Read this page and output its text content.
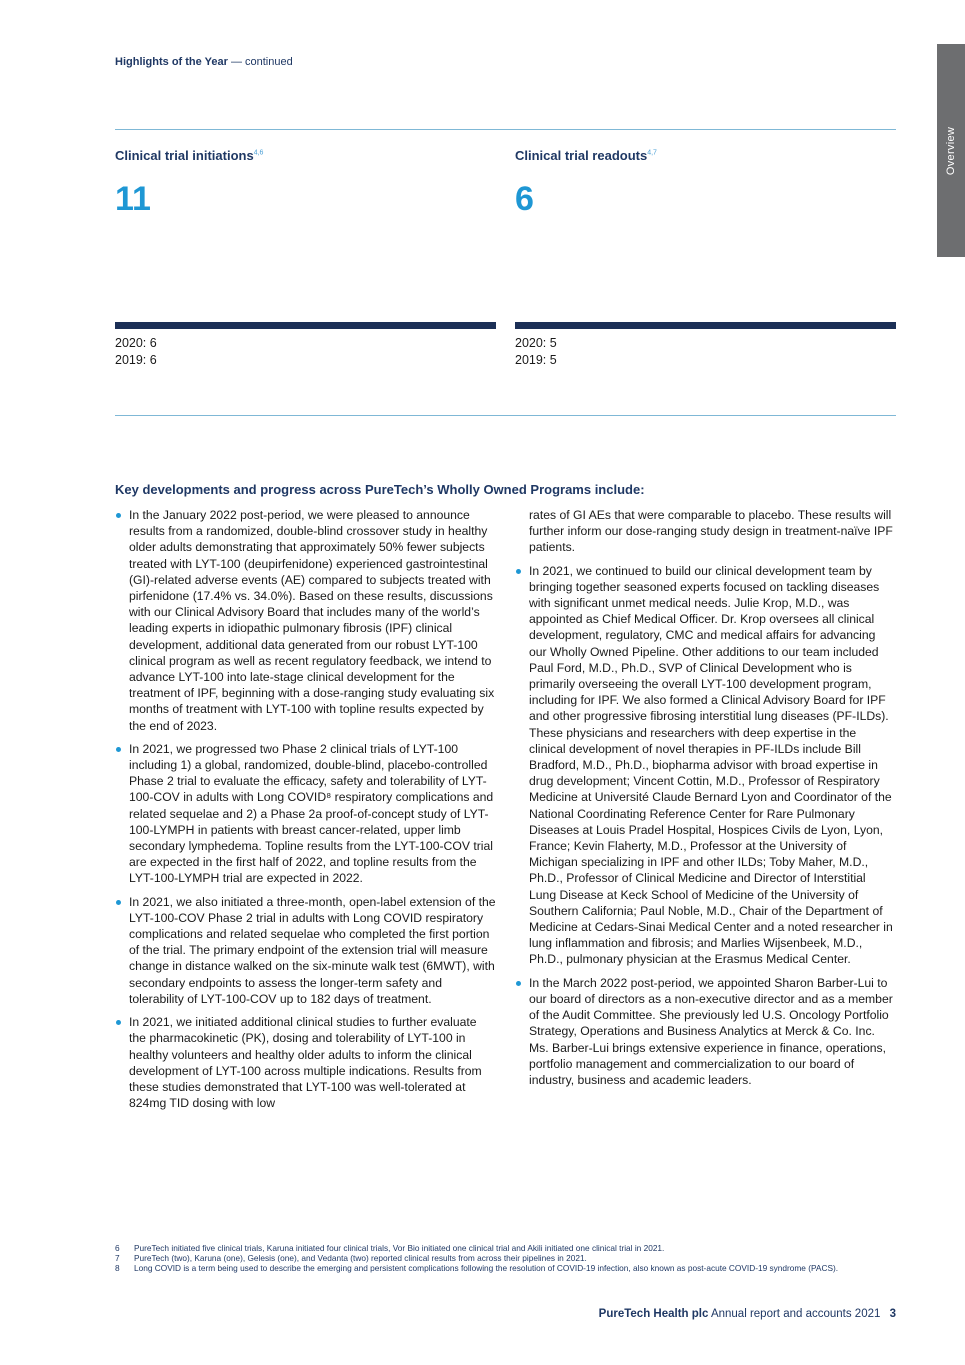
Highlights of the Year — continued
Overview
Clinical trial initiations$^{4,6}$
11
2020: 6
2019: 6
Clinical trial readouts$^{4,7}$
6
2020: 5
2019: 5
Key developments and progress across PureTech’s Wholly Owned Programs include:
In the January 2022 post-period, we were pleased to announce results from a randomized, double-blind crossover study in healthy older adults demonstrating that approximately 50% fewer subjects treated with LYT-100 (deupirfenidone) experienced gastrointestinal (GI)-related adverse events (AE) compared to subjects treated with pirfenidone (17.4% vs. 34.0%). Based on these results, discussions with our Clinical Advisory Board that includes many of the world’s leading experts in idiopathic pulmonary fibrosis (IPF) clinical development, additional data generated from our robust LYT-100 clinical program as well as recent regulatory feedback, we intend to advance LYT-100 into late-stage clinical development for the treatment of IPF, beginning with a dose-ranging study evaluating six months of treatment with LYT-100 with topline results expected by the end of 2023.
In 2021, we progressed two Phase 2 clinical trials of LYT-100 including 1) a global, randomized, double-blind, placebo-controlled Phase 2 trial to evaluate the efficacy, safety and tolerability of LYT-100-COV in adults with Long COVID⁸ respiratory complications and related sequelae and 2) a Phase 2a proof-of-concept study of LYT-100-LYMPH in patients with breast cancer-related, upper limb secondary lymphedema. Topline results from the LYT-100-COV trial are expected in the first half of 2022, and topline results from the LYT-100-LYMPH trial are expected in 2022.
In 2021, we also initiated a three-month, open-label extension of the LYT-100-COV Phase 2 trial in adults with Long COVID respiratory complications and related sequelae who completed the first portion of the trial. The primary endpoint of the extension trial will measure change in distance walked on the six-minute walk test (6MWT), with secondary endpoints to assess the longer-term safety and tolerability of LYT-100-COV up to 182 days of treatment.
In 2021, we initiated additional clinical studies to further evaluate the pharmacokinetic (PK), dosing and tolerability of LYT-100 in healthy volunteers and healthy older adults to inform the clinical development of LYT-100 across multiple indications. Results from these studies demonstrated that LYT-100 was well-tolerated at 824mg TID dosing with low
rates of GI AEs that were comparable to placebo. These results will further inform our dose-ranging study design in treatment-naïve IPF patients.
In 2021, we continued to build our clinical development team by bringing together seasoned experts focused on tackling diseases with significant unmet medical needs. Julie Krop, M.D., was appointed as Chief Medical Officer. Dr. Krop oversees all clinical development, regulatory, CMC and medical affairs for advancing our Wholly Owned Pipeline. Other additions to our team included Paul Ford, M.D., Ph.D., SVP of Clinical Development who is primarily overseeing the overall LYT-100 development program, including for IPF. We also formed a Clinical Advisory Board for IPF and other progressive fibrosing interstitial lung diseases (PF-ILDs). These physicians and researchers with deep expertise in the clinical development of novel therapies in PF-ILDs include Bill Bradford, M.D., Ph.D., biopharma advisor with broad expertise in drug development; Vincent Cottin, M.D., Professor of Respiratory Medicine at Université Claude Bernard Lyon and Coordinator of the National Coordinating Reference Center for Rare Pulmonary Diseases at Louis Pradel Hospital, Hospices Civils de Lyon, Lyon, France; Kevin Flaherty, M.D., Professor at the University of Michigan specializing in IPF and other ILDs; Toby Maher, M.D., Ph.D., Professor of Clinical Medicine and Director of Interstitial Lung Disease at Keck School of Medicine of the University of Southern California; Paul Noble, M.D., Chair of the Department of Medicine at Cedars-Sinai Medical Center and a noted researcher in lung inflammation and fibrosis; and Marlies Wijsenbeek, M.D., Ph.D., pulmonary physician at the Erasmus Medical Center.
In the March 2022 post-period, we appointed Sharon Barber-Lui to our board of directors as a non-executive director and as a member of the Audit Committee. She previously led U.S. Oncology Portfolio Strategy, Operations and Business Analytics at Merck & Co. Inc. Ms. Barber-Lui brings extensive experience in finance, operations, portfolio management and commercialization to our board of industry, business and academic leaders.
6 PureTech initiated five clinical trials, Karuna initiated four clinical trials, Vor Bio initiated one clinical trial and Akili initiated one clinical trial in 2021.
7 PureTech (two), Karuna (one), Gelesis (one), and Vedanta (two) reported clinical results from across their pipelines in 2021.
8 Long COVID is a term being used to describe the emerging and persistent complications following the resolution of COVID-19 infection, also known as post-acute COVID-19 syndrome (PACS).
PureTech Health plc Annual report and accounts 2021 3
